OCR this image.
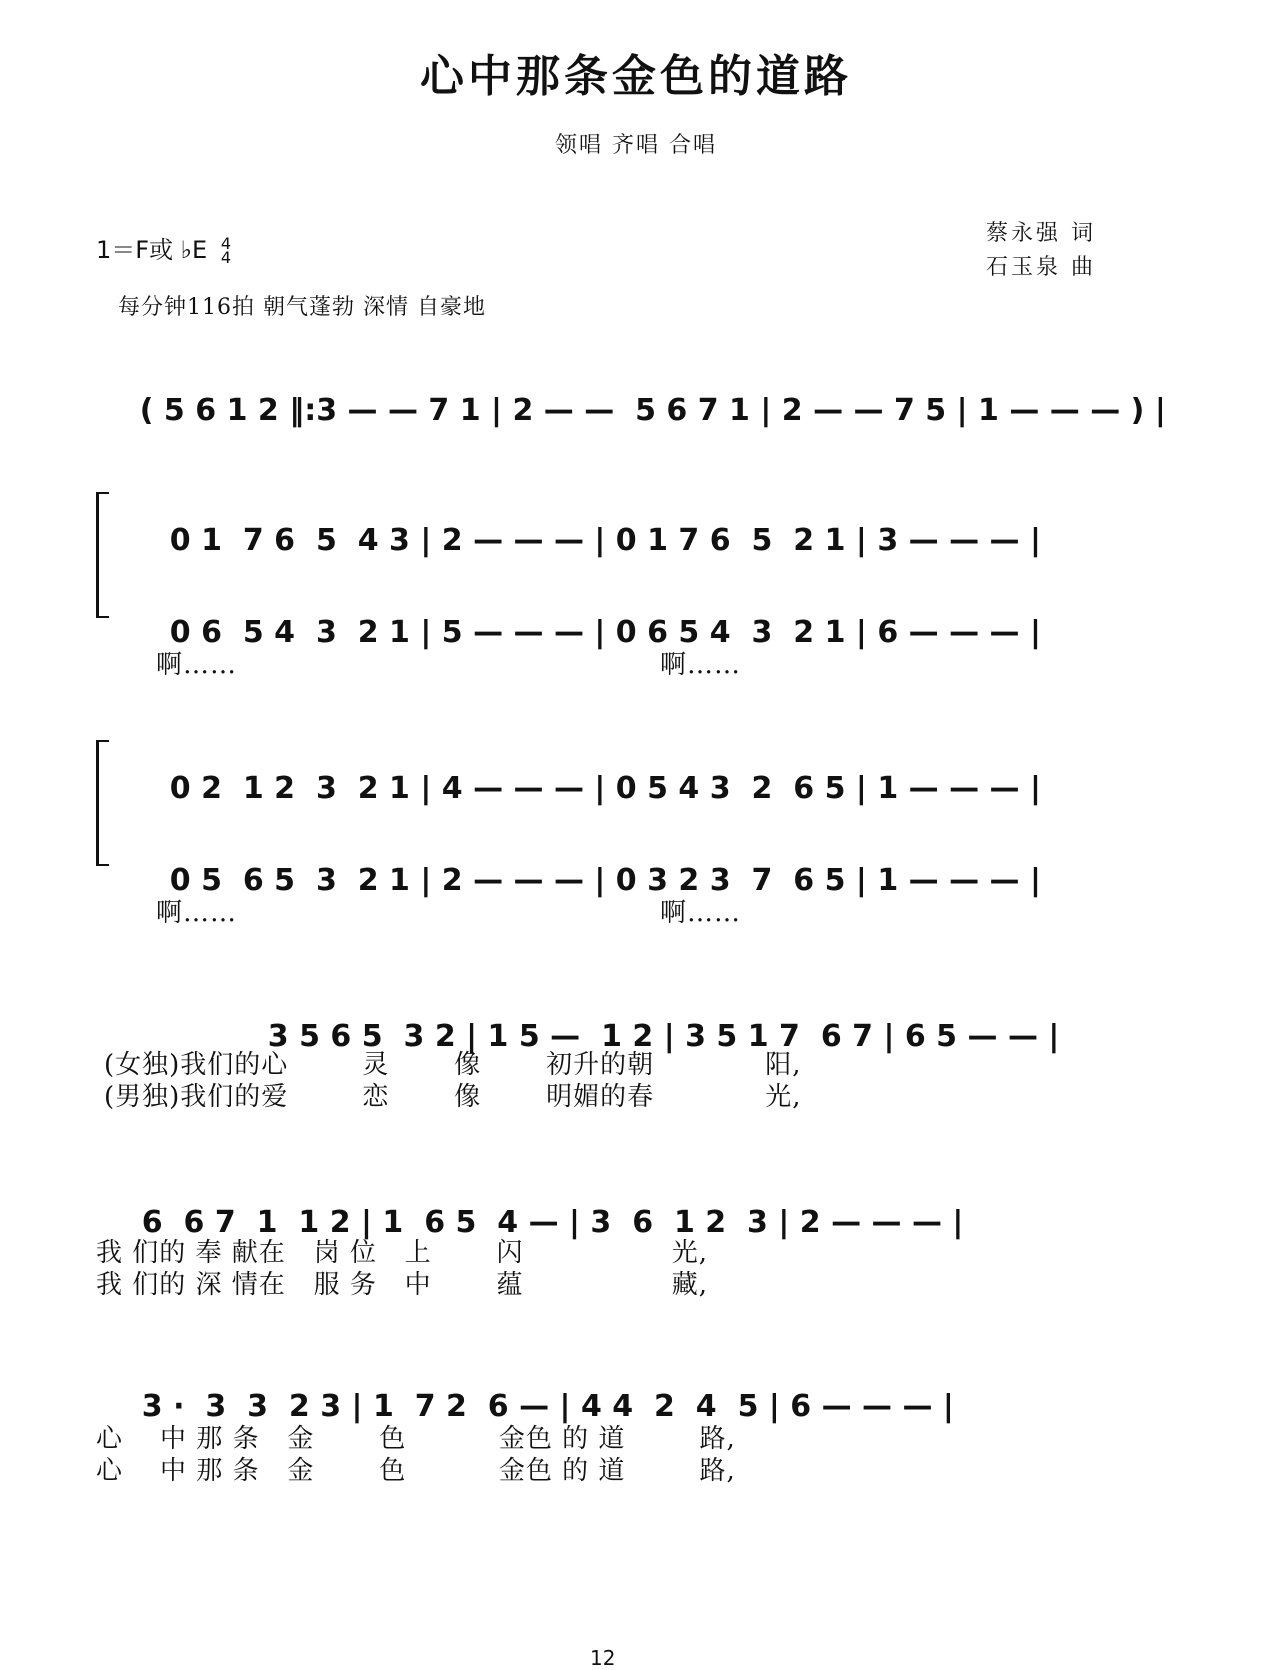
心中那条金色的道路
领唱 齐唱 合唱
1＝F或 ♭E 4
4
蔡永强 词
石玉泉 曲
每分钟116拍 朝气蓬勃 深情 自豪地

( 5 6 1 2 ‖:3 — — 7 1 | 2 — —  5 6 7 1 | 2 — — 7 5 | 1 — — — ) |

0 1  7 6  5  4 3 | 2 — — — | 0 1 7 6  5  2 1 | 3 — — — |

0 6  5 4  3  2 1 | 5 — — — | 0 6 5 4  3  2 1 | 6 — — — |

啊……	啊……

0 2  1 2  3  2 1 | 4 — — — | 0 5 4 3  2  6 5 | 1 — — — |

0 5  6 5  3  2 1 | 2 — — — | 0 3 2 3  7  6 5 | 1 — — — |

啊……	啊……

3 5 6 5  3 2 | 1 5 —  1 2 | 3 5 1 7  6 7 | 6 5 — — |

(女独)我们的心        灵       像       初升的朝            阳,
(男独)我们的爱        恋       像       明媚的春            光,

6  6 7  1  1 2 | 1  6 5  4 — | 3  6  1 2  3 | 2 — — — |

我 们的 奉 献在   岗 位   上       闪                光,
我 们的 深 情在   服 务   中       蕴                藏,

3 ·  3  3  2 3 | 1  7 2  6 — | 4 4  2  4  5 | 6 — — — |

心    中 那 条   金       色          金色 的 道        路,
心    中 那 条   金       色          金色 的 道        路,
12
